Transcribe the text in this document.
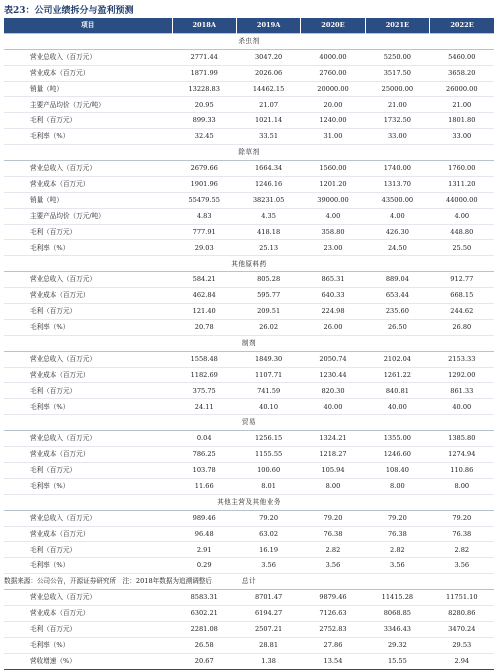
表23：公司业绩拆分与盈利预测
项目	2018A	2019A	2020E	2021E	2022E
杀虫剂					
营业总收入（百万元）	2771.44	3047.20	4000.00	5250.00	5460.00
营业成本（百万元）	1871.99	2026.06	2760.00	3517.50	3658.20
销量（吨）	13228.83	14462.15	20000.00	25000.00	26000.00
主要产品均价（万元/吨）	20.95	21.07	20.00	21.00	21.00
毛利（百万元）	899.33	1021.14	1240.00	1732.50	1801.80
毛利率（%）	32.45	33.51	31.00	33.00	33.00
除草剂					
营业总收入（百万元）	2679.66	1664.34	1560.00	1740.00	1760.00
营业成本（百万元）	1901.96	1246.16	1201.20	1313.70	1311.20
销量（吨）	55479.55	38231.05	39000.00	43500.00	44000.00
主要产品均价（万元/吨）	4.83	4.35	4.00	4.00	4.00
毛利（百万元）	777.91	418.18	358.80	426.30	448.80
毛利率（%）	29.03	25.13	23.00	24.50	25.50
其他原料药					
营业总收入（百万元）	584.21	805.28	865.31	889.04	912.77
营业成本（百万元）	462.84	595.77	640.33	653.44	668.15
毛利（百万元）	121.40	209.51	224.98	235.60	244.62
毛利率（%）	20.78	26.02	26.00	26.50	26.80
制剂					
营业总收入（百万元）	1558.48	1849.30	2050.74	2102.04	2153.33
营业成本（百万元）	1182.69	1107.71	1230.44	1261.22	1292.00
毛利（百万元）	375.75	741.59	820.30	840.81	861.33
毛利率（%）	24.11	40.10	40.00	40.00	40.00
贸易					
营业总收入（百万元）	0.04	1256.15	1324.21	1355.00	1385.80
营业成本（百万元）	786.25	1155.55	1218.27	1246.60	1274.94
毛利（百万元）	103.78	100.60	105.94	108.40	110.86
毛利率（%）	11.66	8.01	8.00	8.00	8.00
其他主营及其他业务					
营业总收入（百万元）	989.46	79.20	79.20	79.20	79.20
营业成本（百万元）	96.48	63.02	76.38	76.38	76.38
毛利（百万元）	2.91	16.19	2.82	2.82	2.82
毛利率（%）	0.29	3.56	3.56	3.56	3.56
总计					
营业总收入（百万元）	8583.31	8701.47	9879.46	11415.28	11751.10
营业成本（百万元）	6302.21	6194.27	7126.63	8068.85	8280.86
毛利（百万元）	2281.08	2507.21	2752.83	3346.43	3470.24
毛利率（%）	26.58	28.81	27.86	29.32	29.53
营收增速（%）	20.67	1.38	13.54	15.55	2.94
数据来源：公司公告，开源证券研究所　注：2018年数据为追溯调整后
